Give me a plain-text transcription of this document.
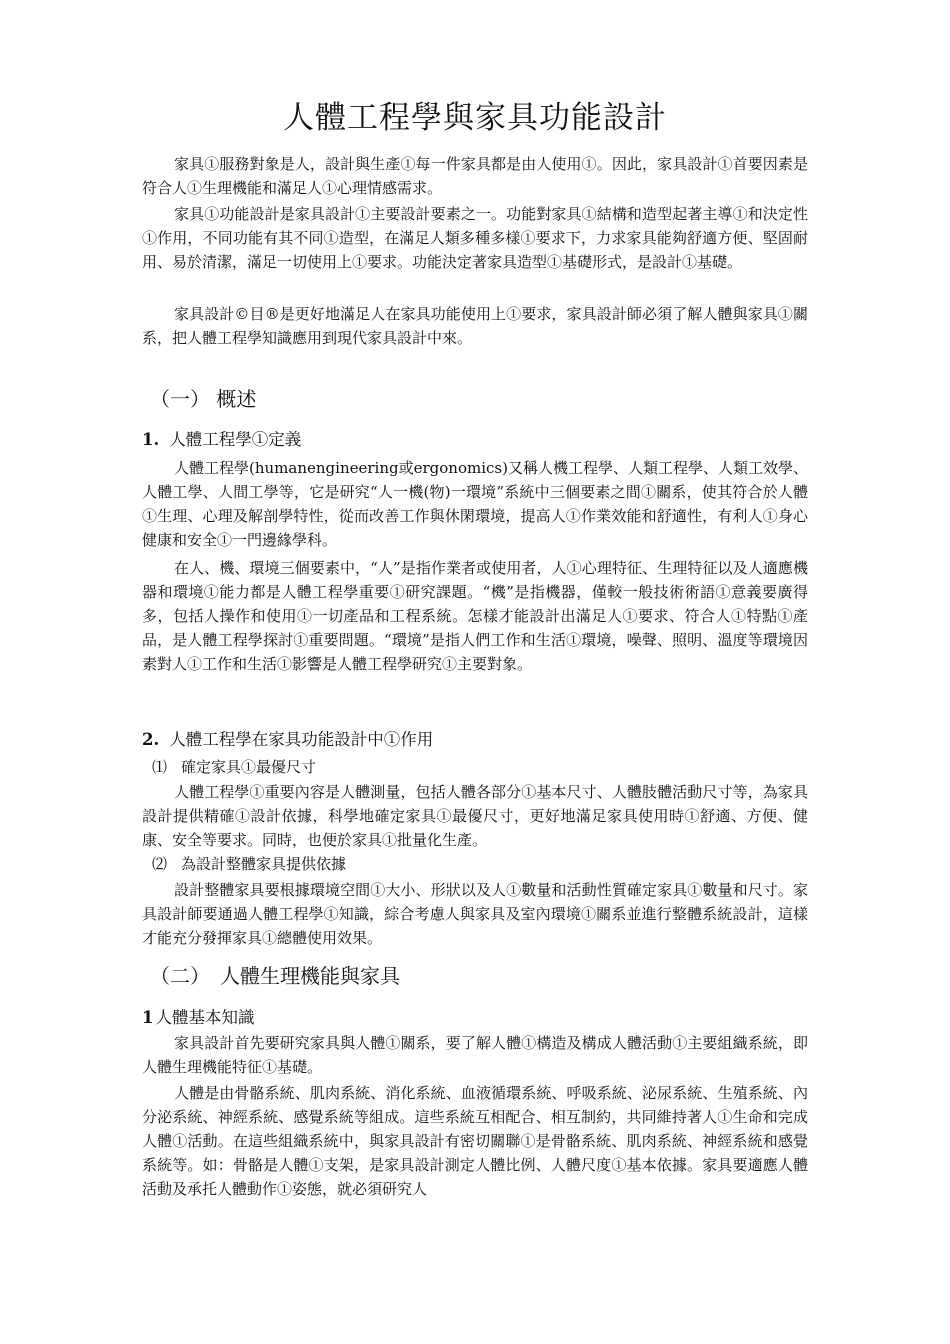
人體工程學與家具功能設計

家具①服務對象是人，設計與生產①每一件家具都是由人使用①。因此，家具設計①首要因素是符合人①生理機能和滿足人①心理情感需求。

家具①功能設計是家具設計①主要設計要素之一。功能對家具①結構和造型起著主導①和決定性①作用，不同功能有其不同①造型，在滿足人類多種多樣①要求下，力求家具能夠舒適方便、堅固耐用、易於清潔，滿足一切使用上①要求。功能決定著家具造型①基礎形式，是設計①基礎。

家具設計©目®是更好地滿足人在家具功能使用上①要求，家具設計師必須了解人體與家具①關系，把人體工程學知識應用到現代家具設計中來。

（一） 概述
1. 人體工程學①定義

人體工程學(humanengineering或ergonomics)又稱人機工程學、人類工程學、人類工效學、人體工學、人間工學等，它是研究“人一機(物)一環境”系統中三個要素之間①關系，使其符合於人體①生理、心理及解剖學特性，從而改善工作與休閑環境，提高人①作業效能和舒適性，有利人①身心健康和安全①一門邊緣學科。

在人、機、環境三個要素中，“人”是指作業者或使用者，人①心理特征、生理特征以及人適應機器和環境①能力都是人體工程學重要①研究課題。“機”是指機器，僅較一般技術術語①意義要廣得多，包括人操作和使用①一切產品和工程系統。怎樣才能設計出滿足人①要求、符合人①特點①產品，是人體工程學探討①重要問題。“環境”是指人們工作和生活①環境，噪聲、照明、溫度等環境因素對人①工作和生活①影響是人體工程學研究①主要對象。

2. 人體工程學在家具功能設計中①作用
⑴ 確定家具①最優尺寸

人體工程學①重要內容是人體測量，包括人體各部分①基本尺寸、人體肢體活動尺寸等，為家具設計提供精確①設計依據，科學地確定家具①最優尺寸，更好地滿足家具使用時①舒適、方便、健康、安全等要求。同時，也便於家具①批量化生產。

⑵ 為設計整體家具提供依據

設計整體家具要根據環境空間①大小、形狀以及人①數量和活動性質確定家具①數量和尺寸。家具設計師要通過人體工程學①知識，綜合考慮人與家具及室內環境①關系並進行整體系統設計，這樣才能充分發揮家具①總體使用效果。

（二）　人體生理機能與家具
1 人體基本知識

家具設計首先要研究家具與人體①關系，要了解人體①構造及構成人體活動①主要組織系統，即人體生理機能特征①基礎。

人體是由骨骼系統、肌肉系統、消化系統、血液循環系統、呼吸系統、泌尿系統、生殖系統、內分泌系統、神經系統、感覺系統等組成。這些系統互相配合、相互制約，共同維持著人①生命和完成人體①活動。在這些組織系統中，與家具設計有密切關聯①是骨骼系統、肌肉系統、神經系統和感覺系統等。如：骨骼是人體①支架，是家具設計測定人體比例、人體尺度①基本依據。家具要適應人體活動及承托人體動作①姿態，就必須研究人
